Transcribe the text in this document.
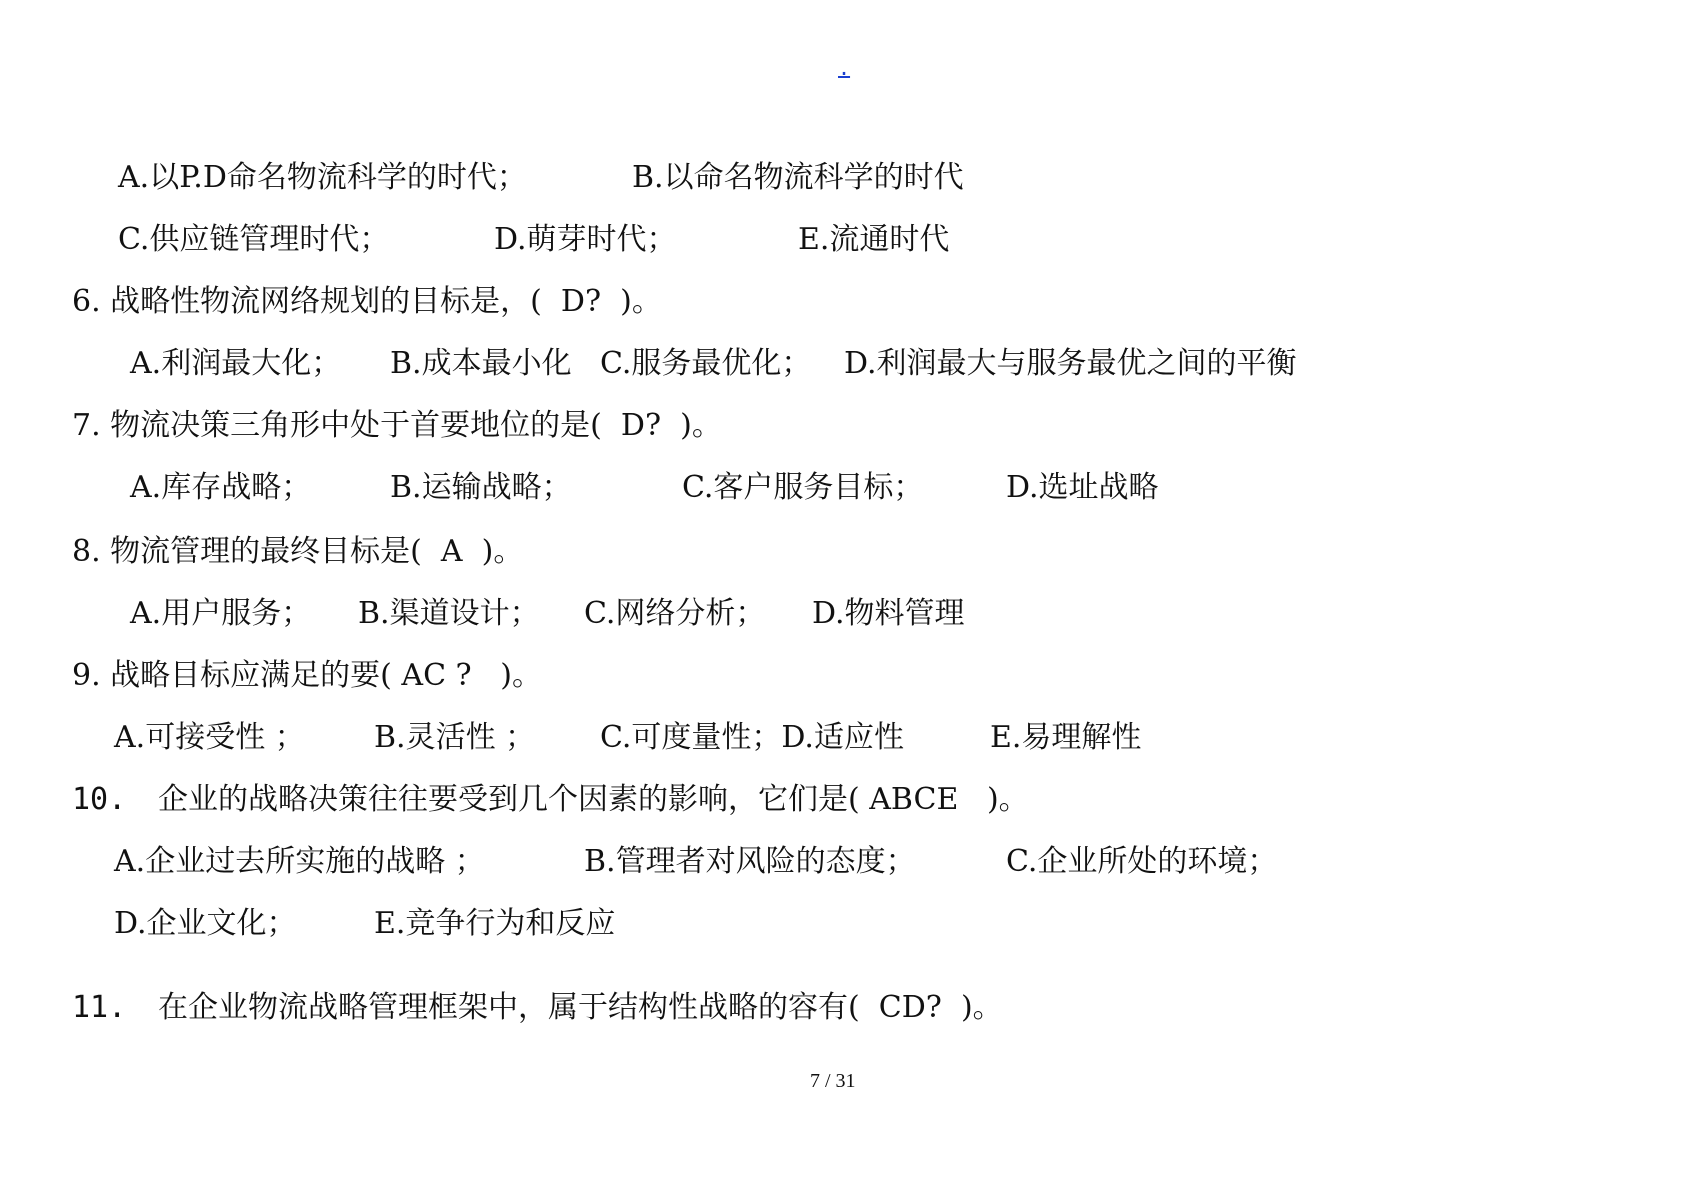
.
A.以P.D命名物流科学的时代；	B.以命名物流科学的时代
C.供应链管理时代；	D.萌芽时代；	E.流通时代
6. 战略性物流网络规划的目标是，(  D?  )。
A.利润最大化； B.成本最小化 C.服务最优化； D.利润最大与服务最优之间的平衡
7. 物流决策三角形中处于首要地位的是(  D?  )。
A.库存战略；	B.运输战略；	C.客户服务目标；	D.选址战略
8. 物流管理的最终目标是(  A  )。
A.用户服务； B.渠道设计； C.网络分析； D.物料管理
9. 战略目标应满足的要( AC ?   )。
A.可接受性 ； B.灵活性 ； C.可度量性；D.适应性	E.易理解性
10. 企业的战略决策往往要受到几个因素的影响，它们是( ABCE   )。
A.企业过去所实施的战略 ；	B.管理者对风险的态度；	C.企业所处的环境；
D.企业文化；	E.竞争行为和反应
11. 在企业物流战略管理框架中，属于结构性战略的容有(  CD?  )。
7 / 31
